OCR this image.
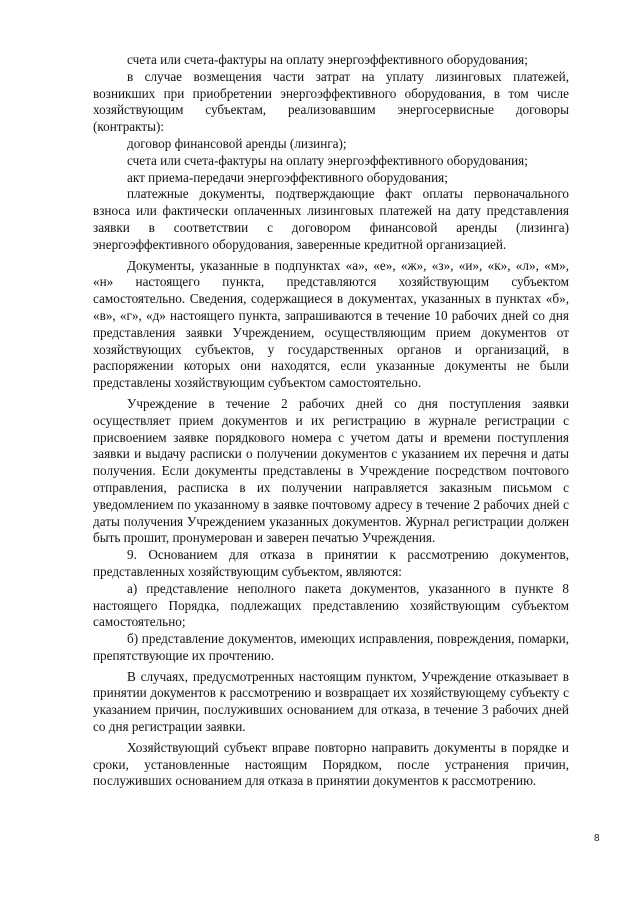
счета или счета-фактуры на оплату энергоэффективного оборудования;

в случае возмещения части затрат на уплату лизинговых платежей, возникших при приобретении энергоэффективного оборудования, в том числе хозяйствующим субъектам, реализовавшим энергосервисные договоры (контракты):

договор финансовой аренды (лизинга);

счета или счета-фактуры на оплату энергоэффективного оборудования;

акт приема-передачи энергоэффективного оборудования;

платежные документы, подтверждающие факт оплаты первоначального взноса или фактически оплаченных лизинговых платежей на дату представления заявки в соответствии с договором финансовой аренды (лизинга) энергоэффективного оборудования, заверенные кредитной организацией.

Документы, указанные в подпунктах «а», «е», «ж», «з», «и», «к», «л», «м», «н» настоящего пункта, представляются хозяйствующим субъектом самостоятельно. Сведения, содержащиеся в документах, указанных в пунктах «б», «в», «г», «д» настоящего пункта, запрашиваются в течение 10 рабочих дней со дня представления заявки Учреждением, осуществляющим прием документов от хозяйствующих субъектов, у государственных органов и организаций, в распоряжении которых они находятся, если указанные документы не были представлены хозяйствующим субъектом самостоятельно.

Учреждение в течение 2 рабочих дней со дня поступления заявки осуществляет прием документов и их регистрацию в журнале регистрации с присвоением заявке порядкового номера с учетом даты и времени поступления заявки и выдачу расписки о получении документов с указанием их перечня и даты получения. Если документы представлены в Учреждение посредством почтового отправления, расписка в их получении направляется заказным письмом с уведомлением по указанному в заявке почтовому адресу в течение 2 рабочих дней с даты получения Учреждением указанных документов. Журнал регистрации должен быть прошит, пронумерован и заверен печатью Учреждения.

9. Основанием для отказа в принятии к рассмотрению документов, представленных хозяйствующим субъектом, являются:

а) представление неполного пакета документов, указанного в пункте 8 настоящего Порядка, подлежащих представлению хозяйствующим субъектом самостоятельно;

б) представление документов, имеющих исправления, повреждения, помарки, препятствующие их прочтению.

В случаях, предусмотренных настоящим пунктом, Учреждение отказывает в принятии документов к рассмотрению и возвращает их хозяйствующему субъекту с указанием причин, послуживших основанием для отказа, в течение 3 рабочих дней со дня регистрации заявки.

Хозяйствующий субъект вправе повторно направить документы в порядке и сроки, установленные настоящим Порядком, после устранения причин, послуживших основанием для отказа в принятии документов к рассмотрению.

8
